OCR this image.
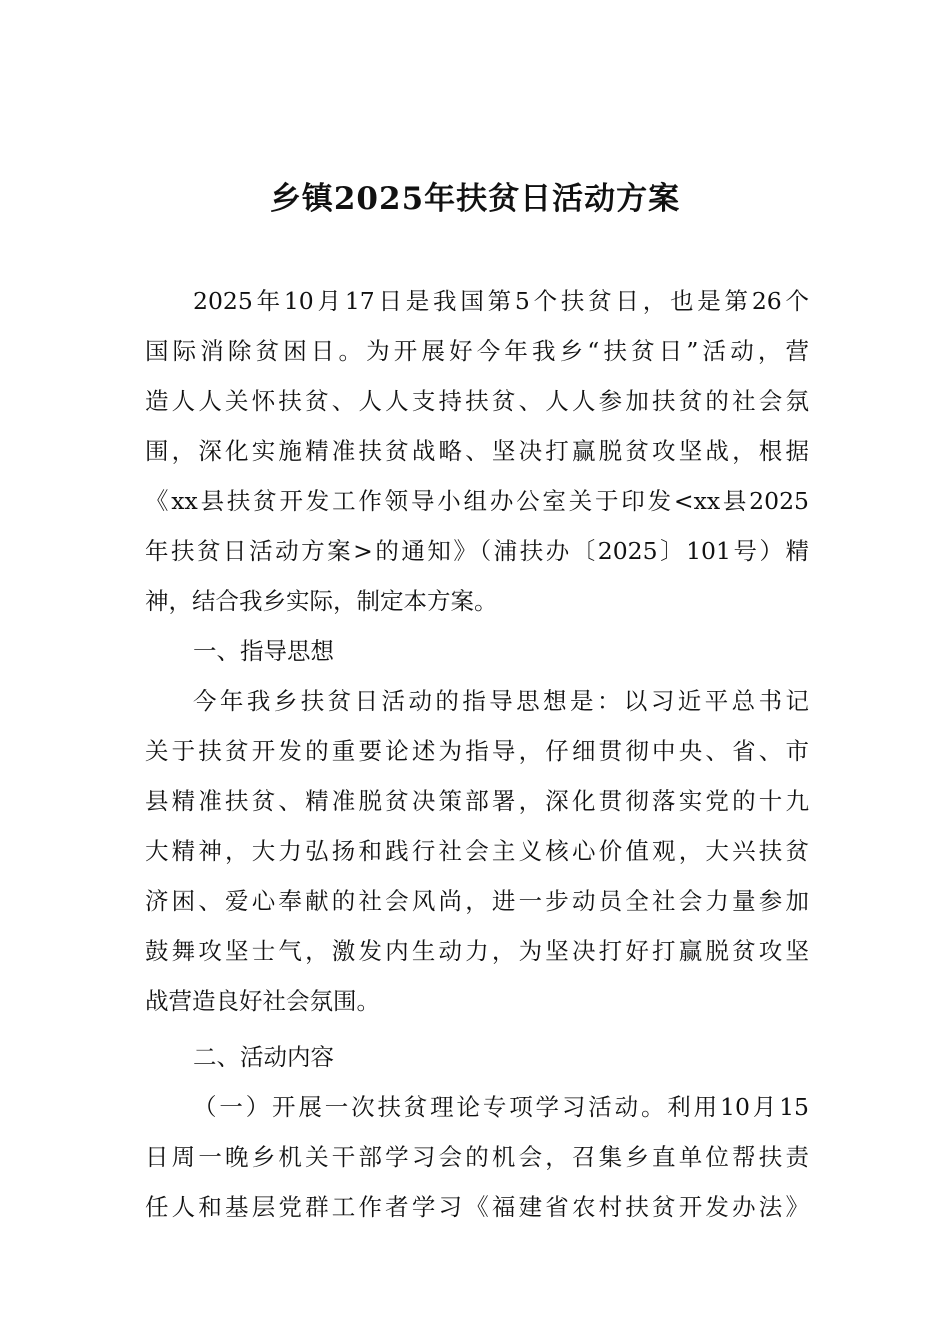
乡镇2025年扶贫日活动方案
2025年10月17日是我国第5个扶贫日，也是第26个
国际消除贫困日。为开展好今年我乡“扶贫日”活动，营
造人人关怀扶贫、人人支持扶贫、人人参加扶贫的社会氛
围，深化实施精准扶贫战略、坚决打赢脱贫攻坚战，根据
《xx县扶贫开发工作领导小组办公室关于印发<xx县2025
年扶贫日活动方案>的通知》（浦扶办〔2025〕101号）精
神，结合我乡实际，制定本方案。
一、指导思想
今年我乡扶贫日活动的指导思想是：以习近平总书记
关于扶贫开发的重要论述为指导，仔细贯彻中央、省、市
县精准扶贫、精准脱贫决策部署，深化贯彻落实党的十九
大精神，大力弘扬和践行社会主义核心价值观，大兴扶贫
济困、爱心奉献的社会风尚，进一步动员全社会力量参加
鼓舞攻坚士气，激发内生动力，为坚决打好打赢脱贫攻坚
战营造良好社会氛围。
二、活动内容
（一）开展一次扶贫理论专项学习活动。利用10月15
日周一晚乡机关干部学习会的机会，召集乡直单位帮扶责
任人和基层党群工作者学习《福建省农村扶贫开发办法》
